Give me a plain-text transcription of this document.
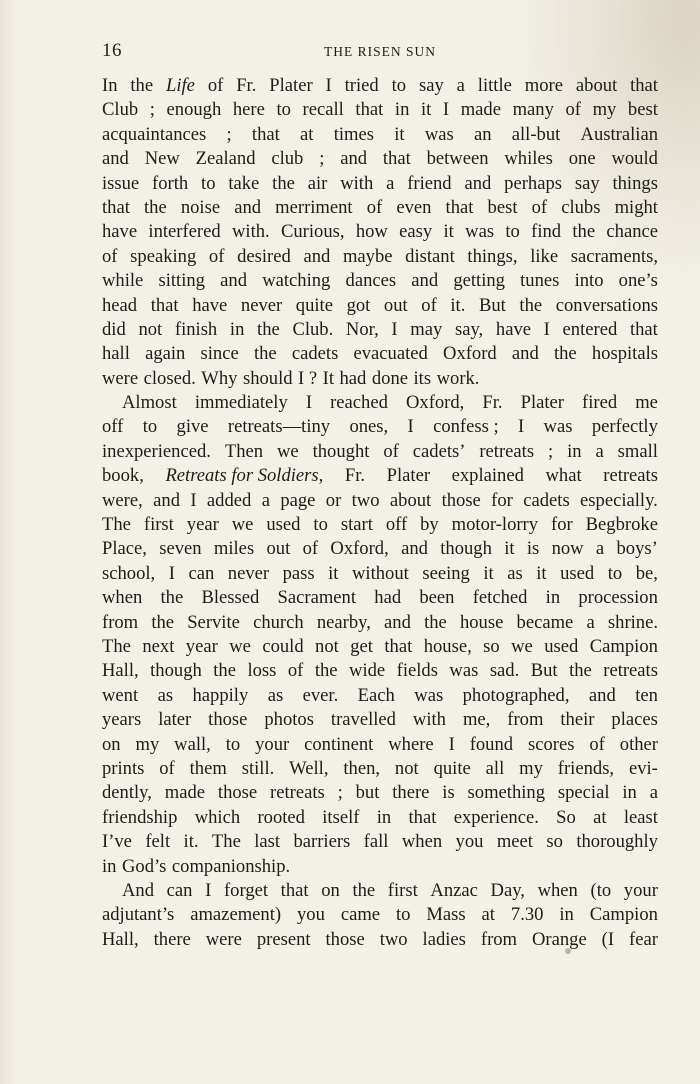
16	THE RISEN SUN
In the Life of Fr. Plater I tried to say a little more about that
Club ; enough here to recall that in it I made many of my best
acquaintances ; that at times it was an all-but Australian
and New Zealand club ; and that between whiles one would
issue forth to take the air with a friend and perhaps say things
that the noise and merriment of even that best of clubs might
have interfered with. Curious, how easy it was to find the chance
of speaking of desired and maybe distant things, like sacraments,
while sitting and watching dances and getting tunes into one’s
head that have never quite got out of it. But the conversations
did not finish in the Club. Nor, I may say, have I entered that
hall again since the cadets evacuated Oxford and the hospitals
were closed. Why should I ? It had done its work.
Almost immediately I reached Oxford, Fr. Plater fired me
off to give retreats—tiny ones, I confess ; I was perfectly
inexperienced. Then we thought of cadets’ retreats ; in a small
book, Retreats for Soldiers, Fr. Plater explained what retreats
were, and I added a page or two about those for cadets especially.
The first year we used to start off by motor-lorry for Begbroke
Place, seven miles out of Oxford, and though it is now a boys’
school, I can never pass it without seeing it as it used to be,
when the Blessed Sacrament had been fetched in procession
from the Servite church nearby, and the house became a shrine.
The next year we could not get that house, so we used Campion
Hall, though the loss of the wide fields was sad. But the retreats
went as happily as ever. Each was photographed, and ten
years later those photos travelled with me, from their places
on my wall, to your continent where I found scores of other
prints of them still. Well, then, not quite all my friends, evi-
dently, made those retreats ; but there is something special in a
friendship which rooted itself in that experience. So at least
I’ve felt it. The last barriers fall when you meet so thoroughly
in God’s companionship.
And can I forget that on the first Anzac Day, when (to your
adjutant’s amazement) you came to Mass at 7.30 in Campion
Hall, there were present those two ladies from Orange (I fear
